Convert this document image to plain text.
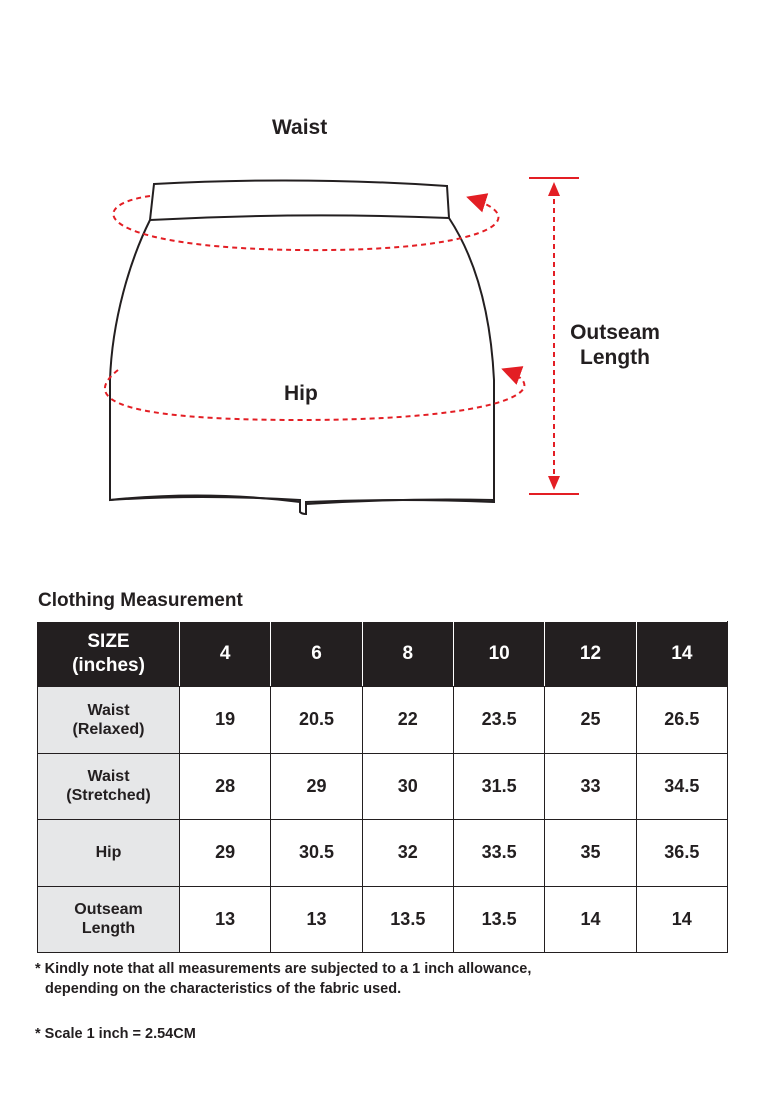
Waist
Hip
Outseam
Length
Clothing Measurement
SIZE
(inches)	4	6	8	10	12	14

Waist
(Relaxed)	19	20.5	22	23.5	25	26.5

Waist
(Stretched)	28	29	30	31.5	33	34.5

Hip	29	30.5	32	33.5	35	36.5

Outseam
Length	13	13	13.5	13.5	14	14
* Kindly note that all measurements are subjected to a 1 inch allowance,
depending on the characteristics of the fabric used.
* Scale 1 inch = 2.54CM
